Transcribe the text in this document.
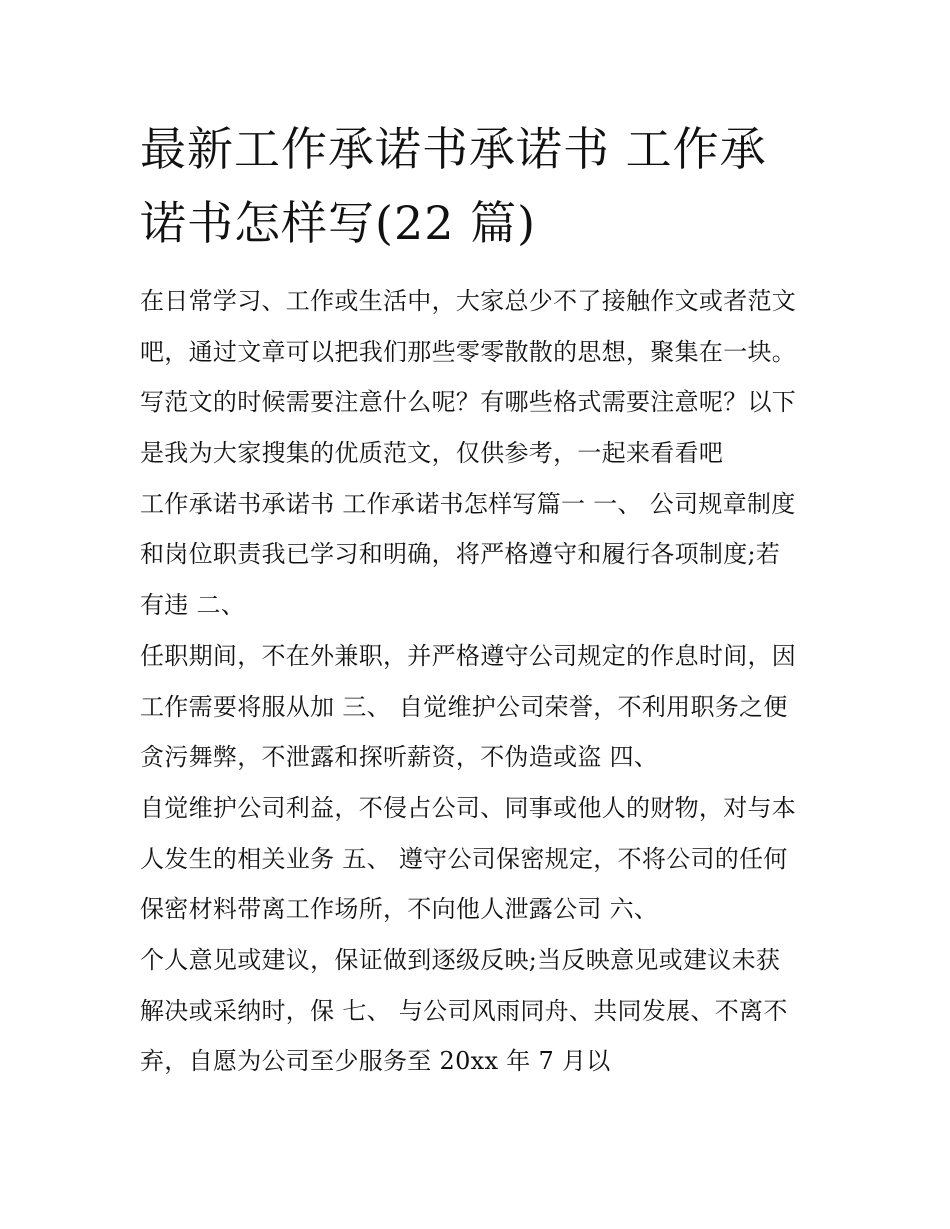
最新工作承诺书承诺书 工作承
诺书怎样写(22 篇)
在日常学习、工作或生活中，大家总少不了接触作文或者范文
吧，通过文章可以把我们那些零零散散的思想，聚集在一块。
写范文的时候需要注意什么呢？有哪些格式需要注意呢？以下
是我为大家搜集的优质范文，仅供参考，一起来看看吧
工作承诺书承诺书 工作承诺书怎样写篇一 一、 公司规章制度
和岗位职责我已学习和明确，将严格遵守和履行各项制度;若
有违 二、
任职期间，不在外兼职，并严格遵守公司规定的作息时间，因
工作需要将服从加 三、 自觉维护公司荣誉，不利用职务之便
贪污舞弊，不泄露和探听薪资，不伪造或盗 四、
自觉维护公司利益，不侵占公司、同事或他人的财物，对与本
人发生的相关业务 五、 遵守公司保密规定，不将公司的任何
保密材料带离工作场所，不向他人泄露公司 六、
个人意见或建议，保证做到逐级反映;当反映意见或建议未获
解决或采纳时，保 七、 与公司风雨同舟、共同发展、不离不
弃，自愿为公司至少服务至 20xx 年 7 月以
